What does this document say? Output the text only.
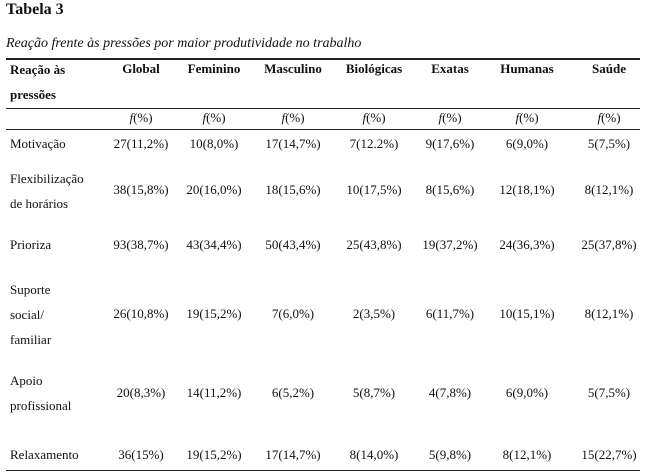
Tabela 3
Reação frente às pressões por maior produtividade no trabalho
Reação às
pressões
Global	Feminino	Masculino	Biológicas	Exatas	Humanas	Saúde
f(%)	f(%)	f(%)	f(%)	f(%)	f(%)	f(%)
Motivação	27(11,2%)	10(8,0%)	17(14,7%)	7(12.2%)	9(17,6%)	6(9,0%)	5(7,5%)
Flexibilização
de horários
38(15,8%)	20(16,0%)	18(15,6%)	10(17,5%)	8(15,6%)	12(18,1%)	8(12,1%)
Prioriza	93(38,7%)	43(34,4%)	50(43,4%)	25(43,8%)	19(37,2%)	24(36,3%)	25(37,8%)
Suporte
social/
familiar
26(10,8%)	19(15,2%)	7(6,0%)	2(3,5%)	6(11,7%)	10(15,1%)	8(12,1%)
Apoio
profissional
20(8,3%)	14(11,2%)	6(5,2%)	5(8,7%)	4(7,8%)	6(9,0%)	5(7,5%)
Relaxamento	36(15%)	19(15,2%)	17(14,7%)	8(14,0%)	5(9,8%)	8(12,1%)	15(22,7%)
